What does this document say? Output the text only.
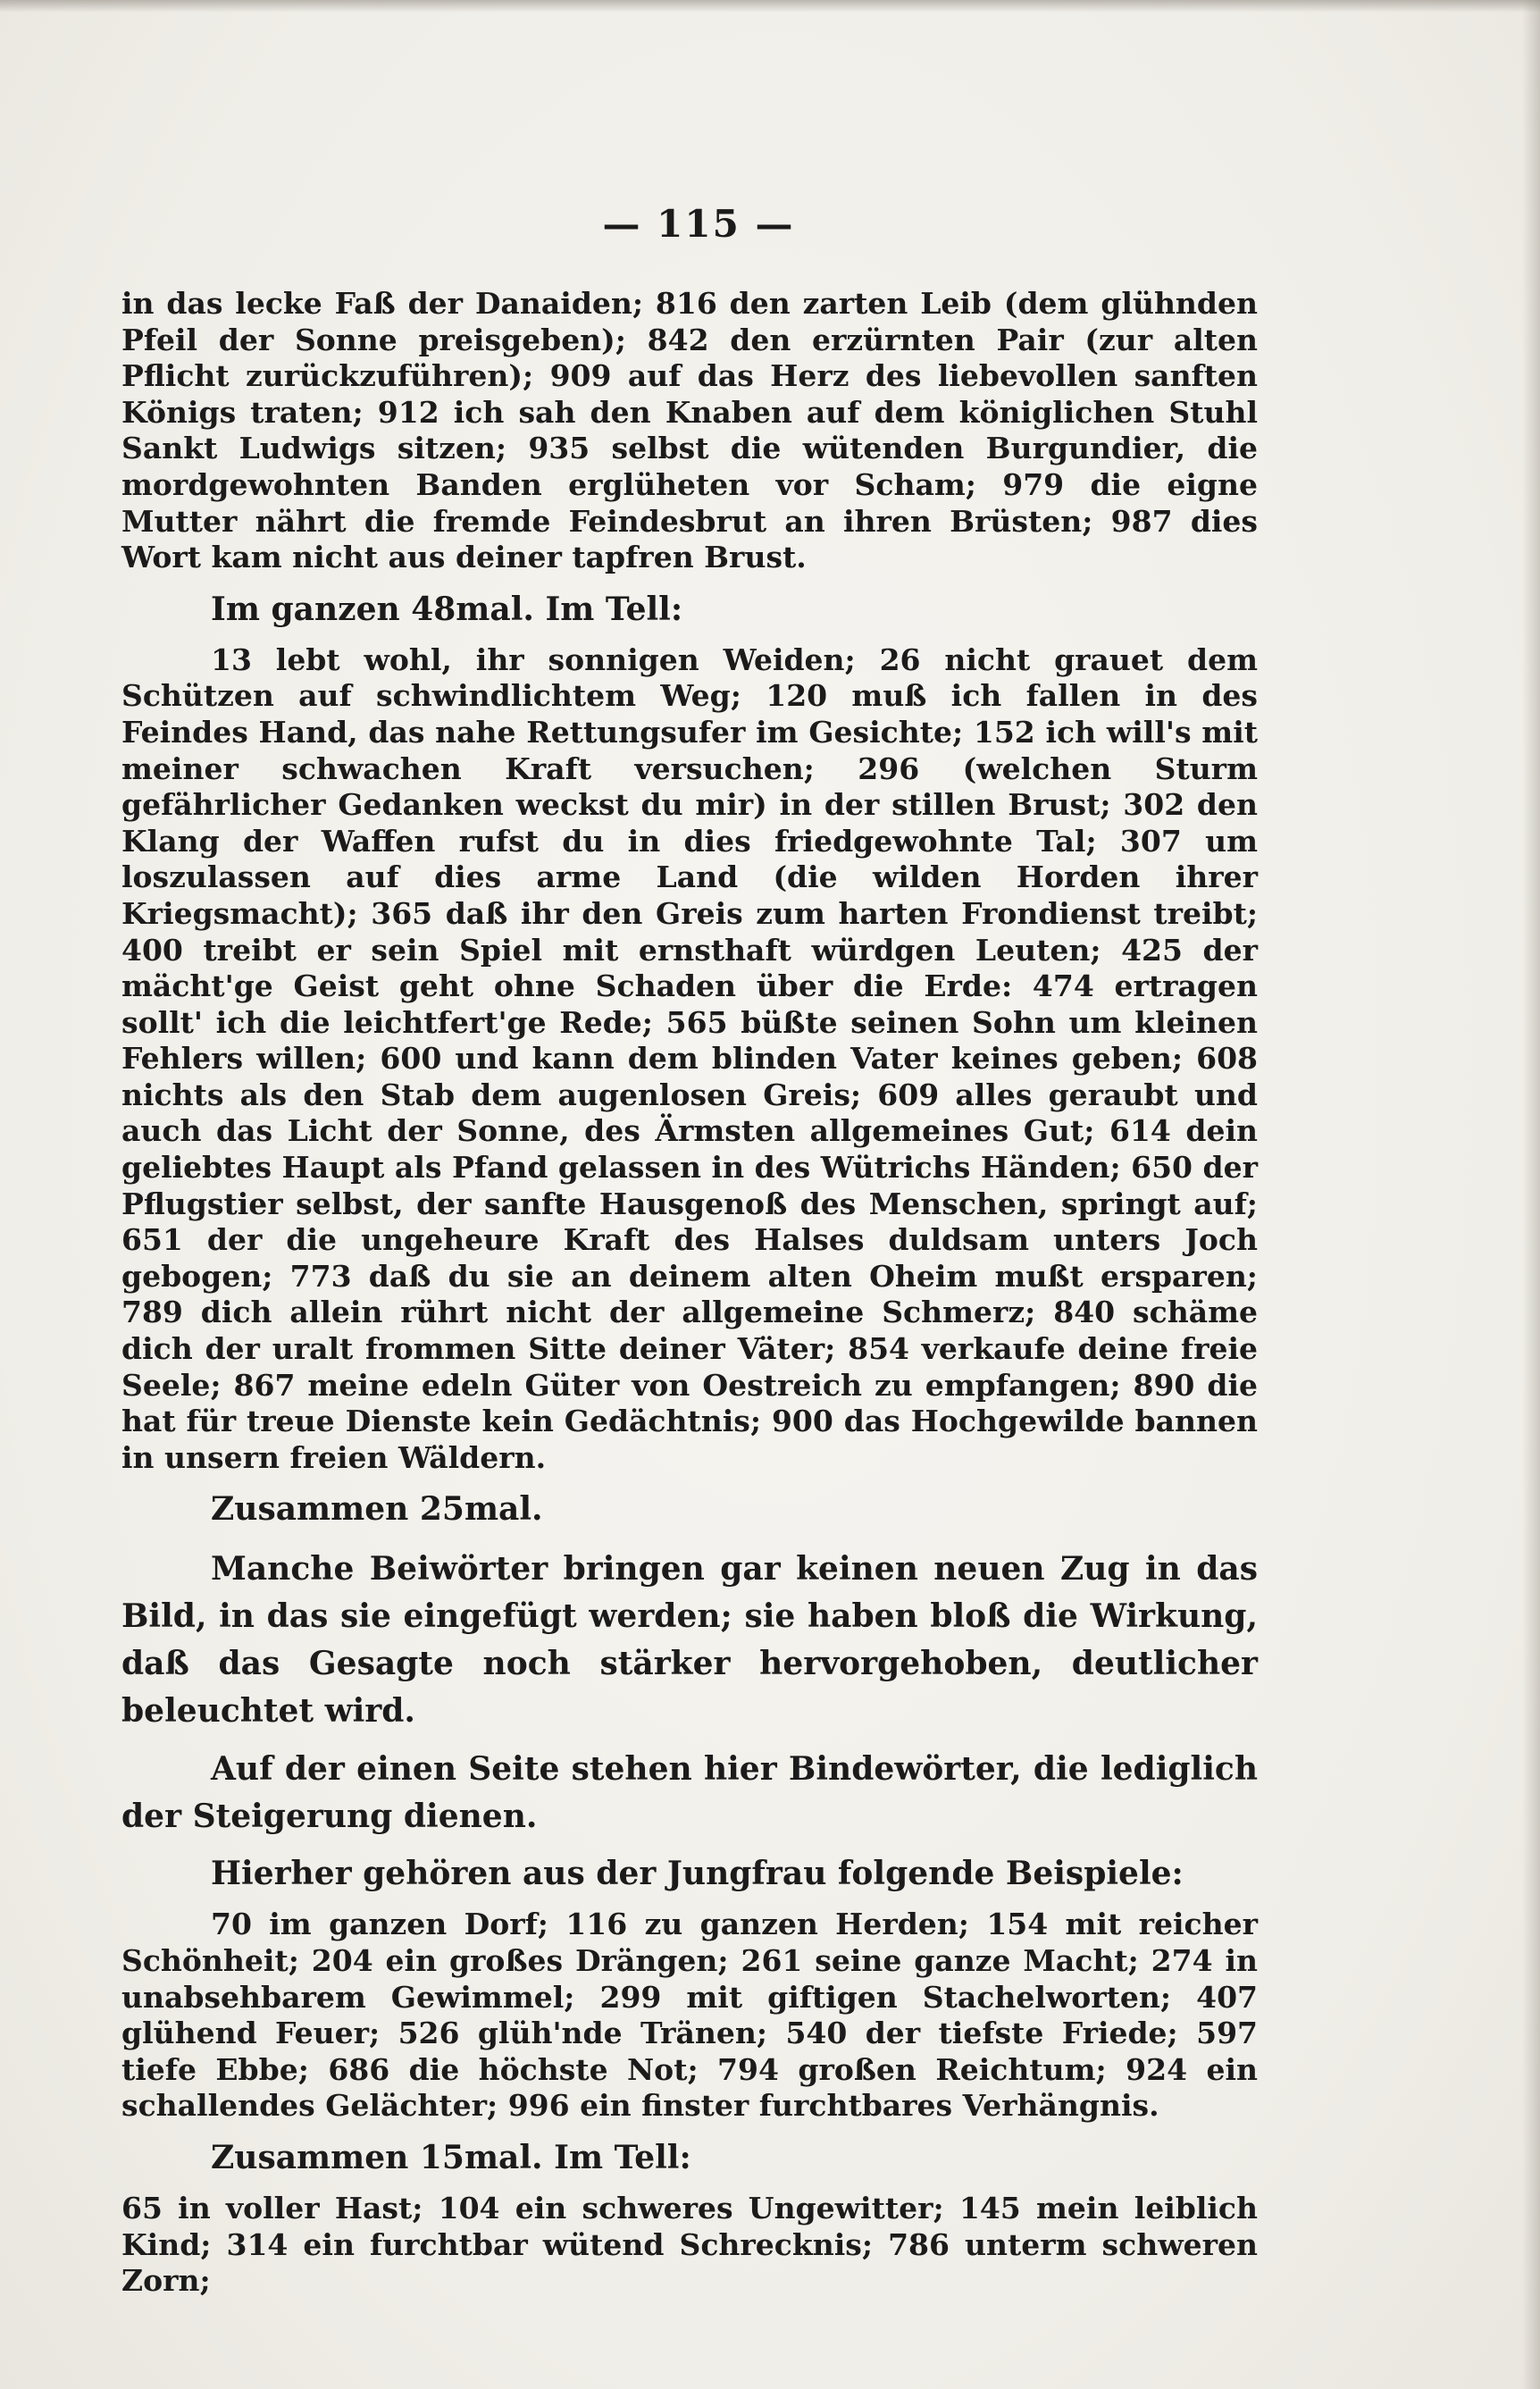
— 115 —

in das lecke Faß der Danaiden; 816 den zarten Leib (dem glühnden Pfeil der Sonne preisgeben); 842 den erzürnten Pair (zur alten Pflicht zurückzuführen); 909 auf das Herz des liebevollen sanften Königs traten; 912 ich sah den Knaben auf dem königlichen Stuhl Sankt Ludwigs sitzen; 935 selbst die wütenden Burgundier, die mordgewohnten Banden erglüheten vor Scham; 979 die eigne Mutter nährt die fremde Feindesbrut an ihren Brüsten; 987 dies Wort kam nicht aus deiner tapfren Brust.

Im ganzen 48mal. Im Tell:

13 lebt wohl, ihr sonnigen Weiden; 26 nicht grauet dem Schützen auf schwindlichtem Weg; 120 muß ich fallen in des Feindes Hand, das nahe Rettungsufer im Gesichte; 152 ich will's mit meiner schwachen Kraft versuchen; 296 (welchen Sturm gefährlicher Gedanken weckst du mir) in der stillen Brust; 302 den Klang der Waffen rufst du in dies friedgewohnte Tal; 307 um loszulassen auf dies arme Land (die wilden Horden ihrer Kriegsmacht); 365 daß ihr den Greis zum harten Frondienst treibt; 400 treibt er sein Spiel mit ernsthaft würdgen Leuten; 425 der mächt'ge Geist geht ohne Schaden über die Erde: 474 ertragen sollt' ich die leichtfert'ge Rede; 565 büßte seinen Sohn um kleinen Fehlers willen; 600 und kann dem blinden Vater keines geben; 608 nichts als den Stab dem augenlosen Greis; 609 alles geraubt und auch das Licht der Sonne, des Ärmsten allgemeines Gut; 614 dein geliebtes Haupt als Pfand gelassen in des Wütrichs Händen; 650 der Pflugstier selbst, der sanfte Hausgenoß des Menschen, springt auf; 651 der die ungeheure Kraft des Halses duldsam unters Joch gebogen; 773 daß du sie an deinem alten Oheim mußt ersparen; 789 dich allein rührt nicht der allgemeine Schmerz; 840 schäme dich der uralt frommen Sitte deiner Väter; 854 verkaufe deine freie Seele; 867 meine edeln Güter von Oestreich zu empfangen; 890 die hat für treue Dienste kein Gedächtnis; 900 das Hochgewilde bannen in unsern freien Wäldern.

Zusammen 25mal.

Manche Beiwörter bringen gar keinen neuen Zug in das Bild, in das sie eingefügt werden; sie haben bloß die Wirkung, daß das Gesagte noch stärker hervorgehoben, deutlicher beleuchtet wird.

Auf der einen Seite stehen hier Bindewörter, die lediglich der Steigerung dienen.

Hierher gehören aus der Jungfrau folgende Beispiele:

70 im ganzen Dorf; 116 zu ganzen Herden; 154 mit reicher Schönheit; 204 ein großes Drängen; 261 seine ganze Macht; 274 in unabsehbarem Gewimmel; 299 mit giftigen Stachelworten; 407 glühend Feuer; 526 glüh'nde Tränen; 540 der tiefste Friede; 597 tiefe Ebbe; 686 die höchste Not; 794 großen Reichtum; 924 ein schallendes Gelächter; 996 ein finster furchtbares Verhängnis.

Zusammen 15mal. Im Tell:

65 in voller Hast; 104 ein schweres Ungewitter; 145 mein leiblich Kind; 314 ein furchtbar wütend Schrecknis; 786 unterm schweren Zorn;
